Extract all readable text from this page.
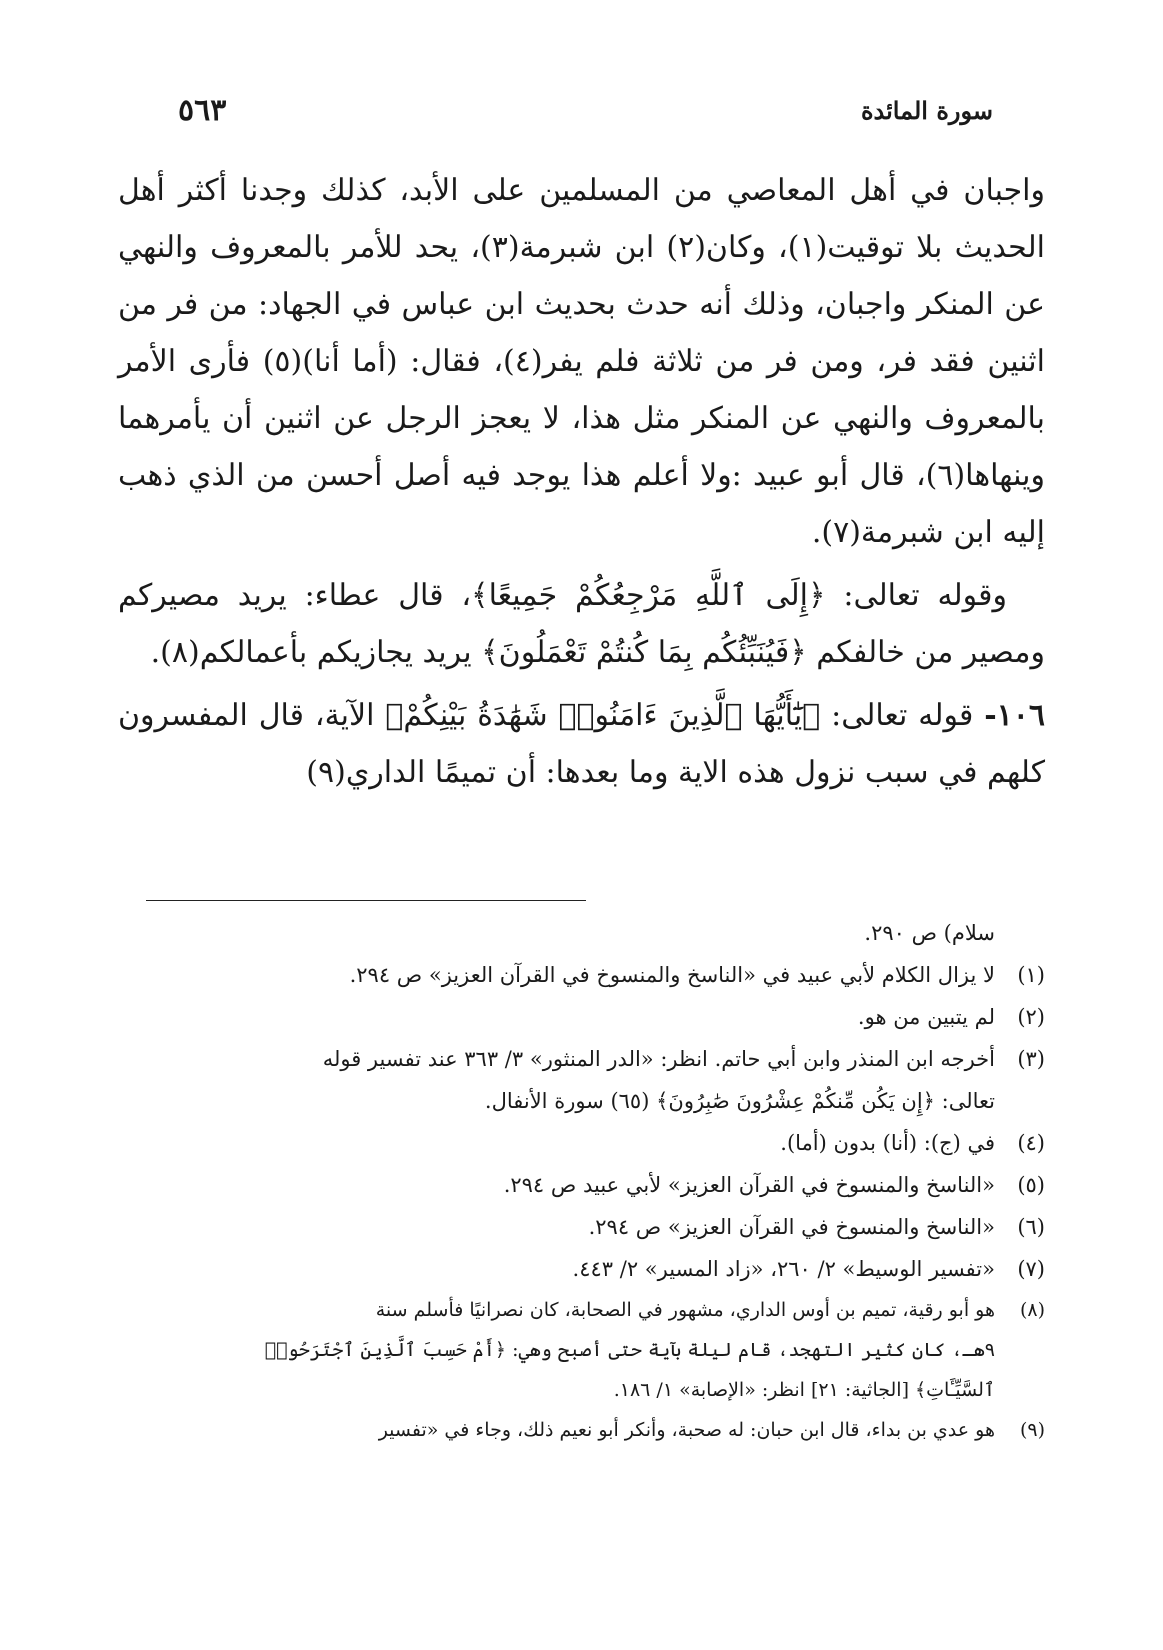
سورة المائدة
٥٦٣

واجبان في أهل المعاصي من المسلمين على الأبد، كذلك وجدنا أكثر أهل الحديث بلا توقيت(١)، وكان(٢) ابن شبرمة(٣)، يحد للأمر بالمعروف والنهي عن المنكر واجبان، وذلك أنه حدث بحديث ابن عباس في الجهاد: من فر من اثنين فقد فر، ومن فر من ثلاثة فلم يفر(٤)، فقال: (أما أنا)(٥) فأرى الأمر بالمعروف والنهي عن المنكر مثل هذا، لا يعجز الرجل عن اثنين أن يأمرهما وينهاها(٦)، قال أبو عبيد :ولا أعلم هذا يوجد فيه أصل أحسن من الذي ذهب إليه ابن شبرمة(٧).

وقوله تعالى: ﴿إِلَى ٱللَّهِ مَرْجِعُكُمْ جَمِيعًا﴾، قال عطاء: يريد مصيركم ومصير من خالفكم ﴿فَيُنَبِّئُكُم بِمَا كُنتُمْ تَعْمَلُونَ﴾ يريد يجازيكم بأعمالكم(٨).

١٠٦- قوله تعالى: ﴿يَٰٓأَيُّهَا ٱلَّذِينَ ءَامَنُوا۟ شَهَٰدَةُ بَيْنِكُمْ﴾ الآية، قال المفسرون كلهم في سبب نزول هذه الاية وما بعدها: أن تميمًا الداري(٩)

سلام) ص ٢٩٠.

(١)
لا يزال الكلام لأبي عبيد في «الناسخ والمنسوخ في القرآن العزيز» ص ٢٩٤.
(٢)
لم يتبين من هو.
(٣)
أخرجه ابن المنذر وابن أبي حاتم. انظر: «الدر المنثور» ٣/ ٣٦٣ عند تفسير قوله

تعالى: ﴿إِن يَكُن مِّنكُمْ عِشْرُونَ صَٰبِرُونَ﴾ (٦٥) سورة الأنفال.

(٤)
في (ج): (أنا) بدون (أما).
(٥)
«الناسخ والمنسوخ في القرآن العزيز» لأبي عبيد ص ٢٩٤.
(٦)
«الناسخ والمنسوخ في القرآن العزيز» ص ٢٩٤.
(٧)
«تفسير الوسيط» ٢/ ٢٦٠، «زاد المسير» ٢/ ٤٤٣.
(٨)
هو أبو رقية، تميم بن أوس الداري، مشهور في الصحابة، كان نصرانيًا فأسلم سنة

٩هـ، كان كثير التهجد، قام ليلة بآية حتى أصبح وهي: ﴿أَمْ حَسِبَ ٱلَّذِينَ ٱجْتَرَحُوا۟

ٱلسَّيِّـَٔاتِ﴾ [الجاثية: ٢١] انظر: «الإصابة» ١/ ١٨٦.

(٩)
هو عدي بن بداء، قال ابن حبان: له صحبة، وأنكر أبو نعيم ذلك، وجاء في «تفسير
